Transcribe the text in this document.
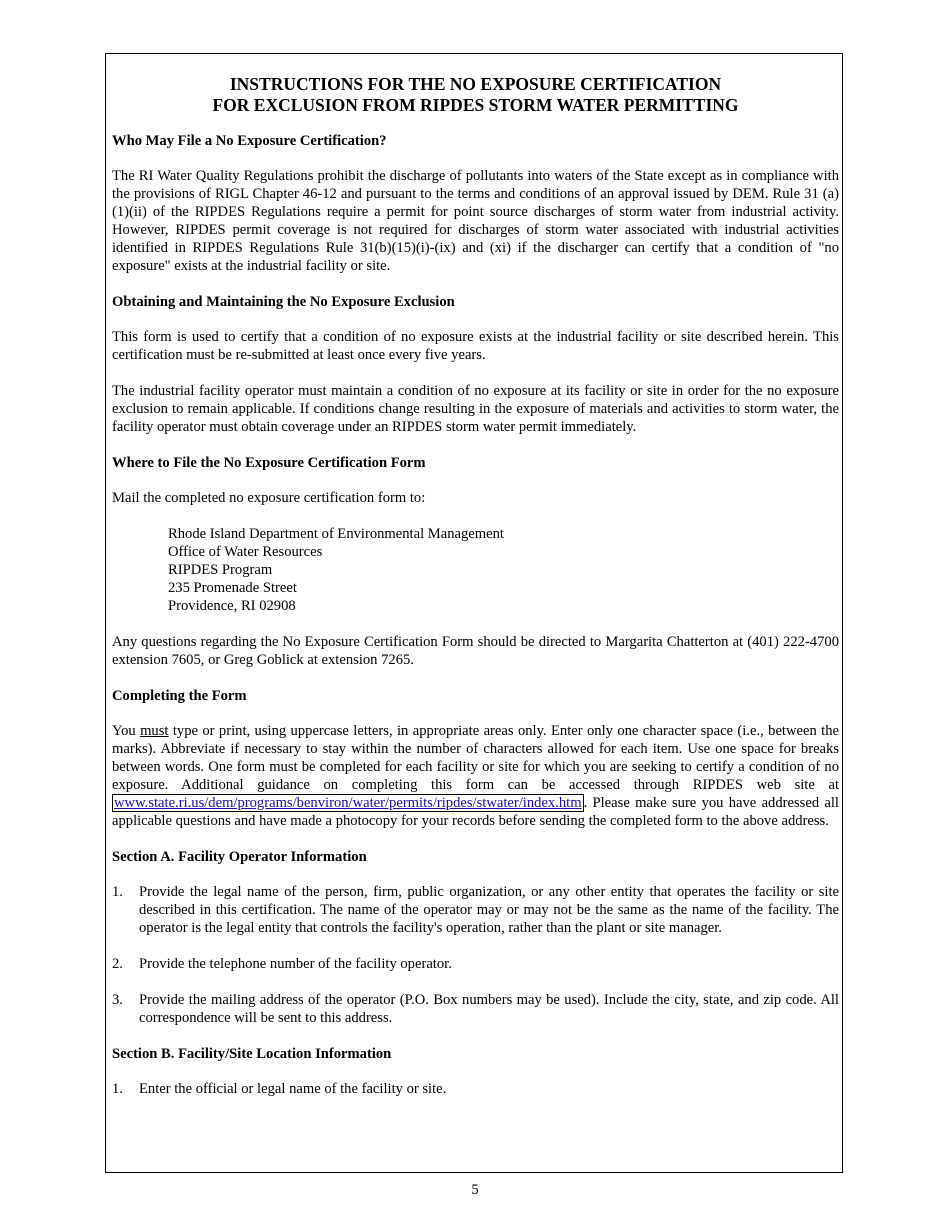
INSTRUCTIONS FOR THE NO EXPOSURE CERTIFICATION
FOR EXCLUSION FROM RIPDES STORM WATER PERMITTING
Who May File a No Exposure Certification?
The RI Water Quality Regulations prohibit the discharge of pollutants into waters of the State except as in compliance with the provisions of RIGL Chapter 46-12 and pursuant to the terms and conditions of an approval issued by DEM. Rule 31 (a)(1)(ii) of the RIPDES Regulations require a permit for point source discharges of storm water from industrial activity. However, RIPDES permit coverage is not required for discharges of storm water associated with industrial activities identified in RIPDES Regulations Rule 31(b)(15)(i)-(ix) and (xi) if the discharger can certify that a condition of "no exposure" exists at the industrial facility or site.
Obtaining and Maintaining the No Exposure Exclusion
This form is used to certify that a condition of no exposure exists at the industrial facility or site described herein. This certification must be re-submitted at least once every five years.
The industrial facility operator must maintain a condition of no exposure at its facility or site in order for the no exposure exclusion to remain applicable. If conditions change resulting in the exposure of materials and activities to storm water, the facility operator must obtain coverage under an RIPDES storm water permit immediately.
Where to File the No Exposure Certification Form
Mail the completed no exposure certification form to:
Rhode Island Department of Environmental Management
Office of Water Resources
RIPDES Program
235 Promenade Street
Providence, RI 02908
Any questions regarding the No Exposure Certification Form should be directed to Margarita Chatterton at (401) 222-4700 extension 7605, or Greg Goblick at extension 7265.
Completing the Form
You must type or print, using uppercase letters, in appropriate areas only. Enter only one character space (i.e., between the marks). Abbreviate if necessary to stay within the number of characters allowed for each item. Use one space for breaks between words. One form must be completed for each facility or site for which you are seeking to certify a condition of no exposure. Additional guidance on completing this form can be accessed through RIPDES web site at www.state.ri.us/dem/programs/benviron/water/permits/ripdes/stwater/index.htm . Please make sure you have addressed all applicable questions and have made a photocopy for your records before sending the completed form to the above address.
Section A. Facility Operator Information
1.	Provide the legal name of the person, firm, public organization, or any other entity that operates the facility or site described in this certification. The name of the operator may or may not be the same as the name of the facility. The operator is the legal entity that controls the facility's operation, rather than the plant or site manager.
2.	Provide the telephone number of the facility operator.
3.	Provide the mailing address of the operator (P.O. Box numbers may be used). Include the city, state, and zip code. All correspondence will be sent to this address.
Section B. Facility/Site Location Information
1.	Enter the official or legal name of the facility or site.
5
